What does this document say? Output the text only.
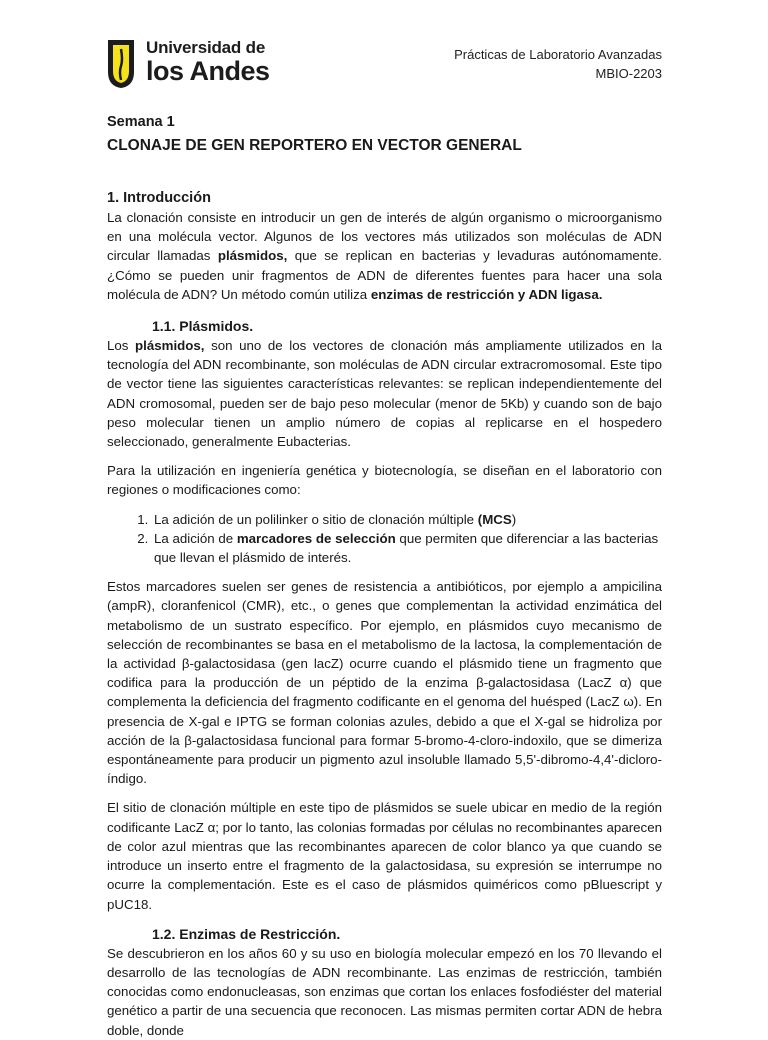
Universidad de
los Andes
Prácticas de Laboratorio Avanzadas
MBIO-2203
Semana 1
CLONAJE DE GEN REPORTERO EN VECTOR GENERAL
1. Introducción

La clonación consiste en introducir un gen de interés de algún organismo o microorganismo en una molécula vector. Algunos de los vectores más utilizados son moléculas de ADN circular llamadas plásmidos, que se replican en bacterias y levaduras autónomamente. ¿Cómo se pueden unir fragmentos de ADN de diferentes fuentes para hacer una sola molécula de ADN? Un método común utiliza enzimas de restricción y ADN ligasa.

1.1. Plásmidos.

Los plásmidos, son uno de los vectores de clonación más ampliamente utilizados en la tecnología del ADN recombinante, son moléculas de ADN circular extracromosomal. Este tipo de vector tiene las siguientes características relevantes: se replican independientemente del ADN cromosomal, pueden ser de bajo peso molecular (menor de 5Kb) y cuando son de bajo peso molecular tienen un amplio número de copias al replicarse en el hospedero seleccionado, generalmente Eubacterias.

Para la utilización en ingeniería genética y biotecnología, se diseñan en el laboratorio con regiones o modificaciones como:

1. La adición de un polilinker o sitio de clonación múltiple (MCS)
2. La adición de marcadores de selección que permiten que diferenciar a las bacterias que llevan el plásmido de interés.

Estos marcadores suelen ser genes de resistencia a antibióticos, por ejemplo a ampicilina (ampR), cloranfenicol (CMR), etc., o genes que complementan la actividad enzimática del metabolismo de un sustrato específico. Por ejemplo, en plásmidos cuyo mecanismo de selección de recombinantes se basa en el metabolismo de la lactosa, la complementación de la actividad β-galactosidasa (gen lacZ) ocurre cuando el plásmido tiene un fragmento que codifica para la producción de un péptido de la enzima β-galactosidasa (LacZ α) que complementa la deficiencia del fragmento codificante en el genoma del huésped (LacZ ω). En presencia de X-gal e IPTG se forman colonias azules, debido a que el X-gal se hidroliza por acción de la β-galactosidasa funcional para formar 5-bromo-4-cloro-indoxilo, que se dimeriza espontáneamente para producir un pigmento azul insoluble llamado 5,5'-dibromo-4,4'-dicloro-índigo.

El sitio de clonación múltiple en este tipo de plásmidos se suele ubicar en medio de la región codificante LacZ α; por lo tanto, las colonias formadas por células no recombinantes aparecen de color azul mientras que las recombinantes aparecen de color blanco ya que cuando se introduce un inserto entre el fragmento de la galactosidasa, su expresión se interrumpe no ocurre la complementación. Este es el caso de plásmidos quiméricos como pBluescript y pUC18.

1.2. Enzimas de Restricción.

Se descubrieron en los años 60 y su uso en biología molecular empezó en los 70 llevando el desarrollo de las tecnologías de ADN recombinante. Las enzimas de restricción, también conocidas como endonucleasas, son enzimas que cortan los enlaces fosfodiéster del material genético a partir de una secuencia que reconocen. Las mismas permiten cortar ADN de hebra doble, donde
